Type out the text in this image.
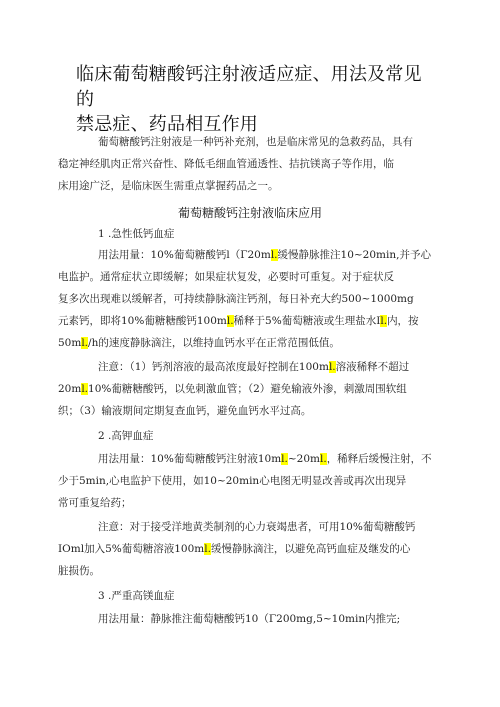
临床葡萄糖酸钙注射液适应症、用法及常见的
禁忌症、药品相互作用
葡萄糖酸钙注射液是一种钙补充剂，也是临床常见的急救药品，具有
稳定神经肌肉正常兴奋性、降低毛细血管通透性、拮抗镁离子等作用，临
床用途广泛，是临床医生需重点掌握药品之一。
葡萄糖酸钙注射液临床应用
1 .急性低钙血症
用法用量：10%葡萄糖酸钙l（Γ20ml.缓慢静脉推注10~20min,并予心
电监护。通常症状立即缓解；如果症状复发，必要时可重复。对于症状反
复多次出现难以缓解者，可持续静脉滴注钙剂，每日补充大约500~1000mg
元素钙，即将10%葡糖糖酸钙100ml.稀释于5%葡萄糖液或生理盐水Il.内，按
50ml./h的速度静脉滴注，以维持血钙水平在正常范围低值。
注意：（1）钙剂溶液的最高浓度最好控制在100ml.溶液稀释不超过
20ml.10%葡糖糖酸钙，以免刺激血管；（2）避免输液外渗，刺激周围软组
织；（3）输液期间定期复查血钙，避免血钙水平过高。
2 .高钾血症
用法用量：10%葡萄糖酸钙注射液10ml.~20ml.，稀释后缓慢注射，不
少于5min,心电监护下使用，如10~20min心电图无明显改善或再次出现异
常可重复给药；
注意：对于接受洋地黄类制剂的心力衰竭患者，可用10%葡萄糖酸钙
IOml加入5%葡萄糖溶液100ml.缓慢静脉滴注，以避免高钙血症及继发的心
脏损伤。
3 .严重高镁血症
用法用量：静脉推注葡萄糖酸钙10（Γ200mg,5~10min内推完;
